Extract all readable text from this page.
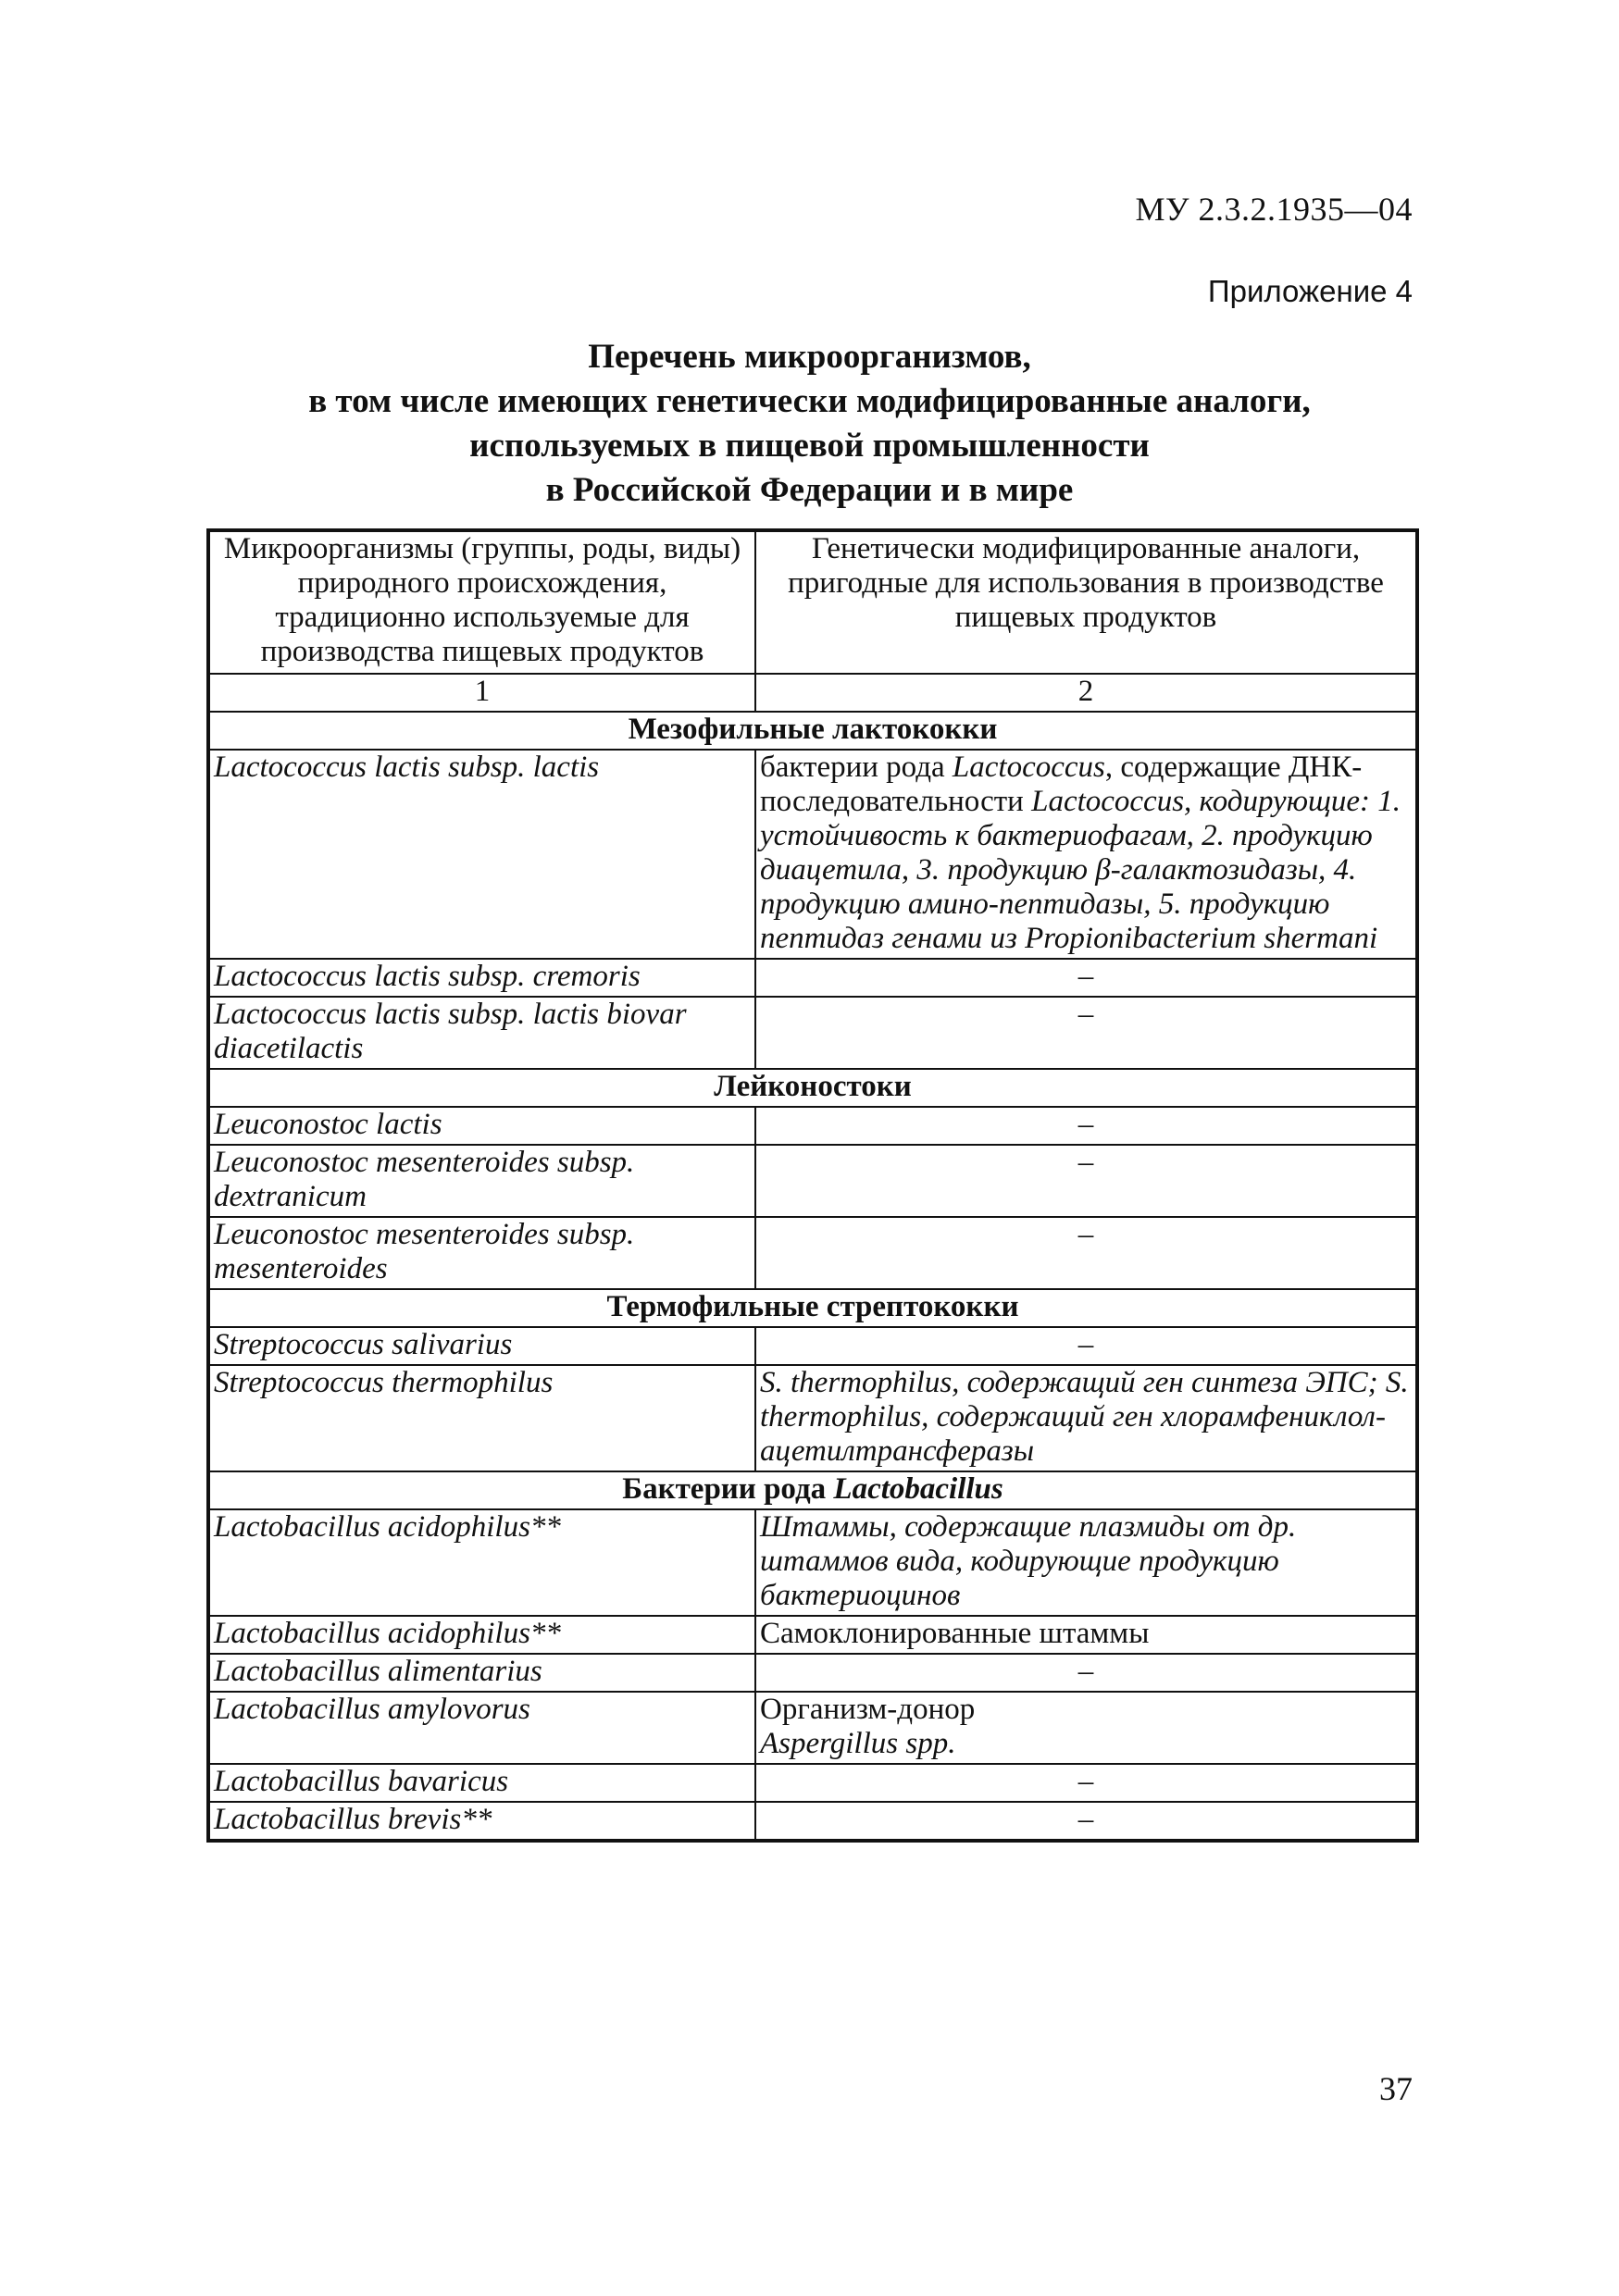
МУ 2.3.2.1935—04
Приложение 4
Перечень микроорганизмов,
в том числе имеющих генетически модифицированные аналоги,
используемых в пищевой промышленности
в Российской Федерации и в мире
Микроорганизмы (группы, роды, виды) природного происхождения, традиционно используемые для производства пищевых продуктов	Генетически модифицированные аналоги, пригодные для использования в производстве пищевых продуктов
1	2
Мезофильные лактококки	
Lactococcus lactis subsp. lactis	бактерии рода Lactococcus, содержащие ДНК-последовательности Lactococcus, кодирующие: 1. устойчивость к бактериофагам, 2. продукцию диацетила, 3. продукцию β-галактозидазы, 4. продукцию амино-пептидазы, 5. продукцию пептидаз генами из Propionibacterium shermani
Lactococcus lactis subsp. cremoris	–
Lactococcus lactis subsp. lactis biovar diacetilactis	–
Лейконостоки	
Leuconostoc lactis	–
Leuconostoc mesenteroides subsp. dextranicum	–
Leuconostoc mesenteroides subsp. mesenteroides	–
Термофильные стрептококки	
Streptococcus salivarius	–
Streptococcus thermophilus	S. thermophilus, содержащий ген синтеза ЭПС; S. thermophilus, содержащий ген хлорамфениклол-ацетилтрансферазы
Бактерии рода Lactobacillus	
Lactobacillus acidophilus**	Штаммы, содержащие плазмиды от др. штаммов вида, кодирующие продукцию бактериоцинов
Lactobacillus acidophilus**	Самоклонированные штаммы
Lactobacillus alimentarius	–
Lactobacillus amylovorus	Организм-донор
Aspergillus spp.

Lactobacillus bavaricus	–
Lactobacillus brevis**	–
37
